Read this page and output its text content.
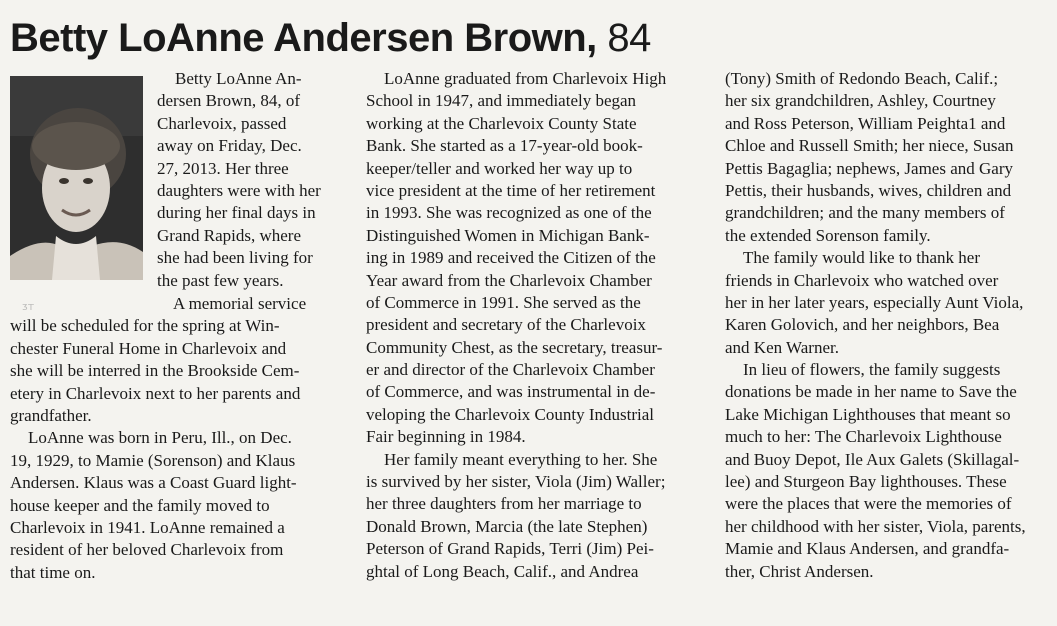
Betty LoAnne Andersen Brown, 84
ᴣᴛ
Betty LoAnne An-
dersen Brown, 84, of
Charlevoix, passed
away on Friday, Dec.
27, 2013. Her three
daughters were with her
during her final days in
Grand Rapids, where
she had been living for
the past few years.
A memorial service
will be scheduled for the spring at Win-
chester Funeral Home in Charlevoix and
she will be interred in the Brookside Cem-
etery in Charlevoix next to her parents and
grandfather.
LoAnne was born in Peru, Ill., on Dec.
19, 1929, to Mamie (Sorenson) and Klaus
Andersen. Klaus was a Coast Guard light-
house keeper and the family moved to
Charlevoix in 1941. LoAnne remained a
resident of her beloved Charlevoix from
that time on.
LoAnne graduated from Charlevoix High
School in 1947, and immediately began
working at the Charlevoix County State
Bank. She started as a 17-year-old book-
keeper/teller and worked her way up to
vice president at the time of her retirement
in 1993. She was recognized as one of the
Distinguished Women in Michigan Bank-
ing in 1989 and received the Citizen of the
Year award from the Charlevoix Chamber
of Commerce in 1991. She served as the
president and secretary of the Charlevoix
Community Chest, as the secretary, treasur-
er and director of the Charlevoix Chamber
of Commerce, and was instrumental in de-
veloping the Charlevoix County Industrial
Fair beginning in 1984.
Her family meant everything to her. She
is survived by her sister, Viola (Jim) Waller;
her three daughters from her marriage to
Donald Brown, Marcia (the late Stephen)
Peterson of Grand Rapids, Terri (Jim) Pei-
ghtal of Long Beach, Calif., and Andrea
(Tony) Smith of Redondo Beach, Calif.;
her six grandchildren, Ashley, Courtney
and Ross Peterson, William Peighta1 and
Chloe and Russell Smith; her niece, Susan
Pettis Bagaglia; nephews, James and Gary
Pettis, their husbands, wives, children and
grandchildren; and the many members of
the extended Sorenson family.
The family would like to thank her
friends in Charlevoix who watched over
her in her later years, especially Aunt Viola,
Karen Golovich, and her neighbors, Bea
and Ken Warner.
In lieu of flowers, the family suggests
donations be made in her name to Save the
Lake Michigan Lighthouses that meant so
much to her: The Charlevoix Lighthouse
and Buoy Depot, Ile Aux Galets (Skillagal-
lee) and Sturgeon Bay lighthouses. These
were the places that were the memories of
her childhood with her sister, Viola, parents,
Mamie and Klaus Andersen, and grandfa-
ther, Christ Andersen.
